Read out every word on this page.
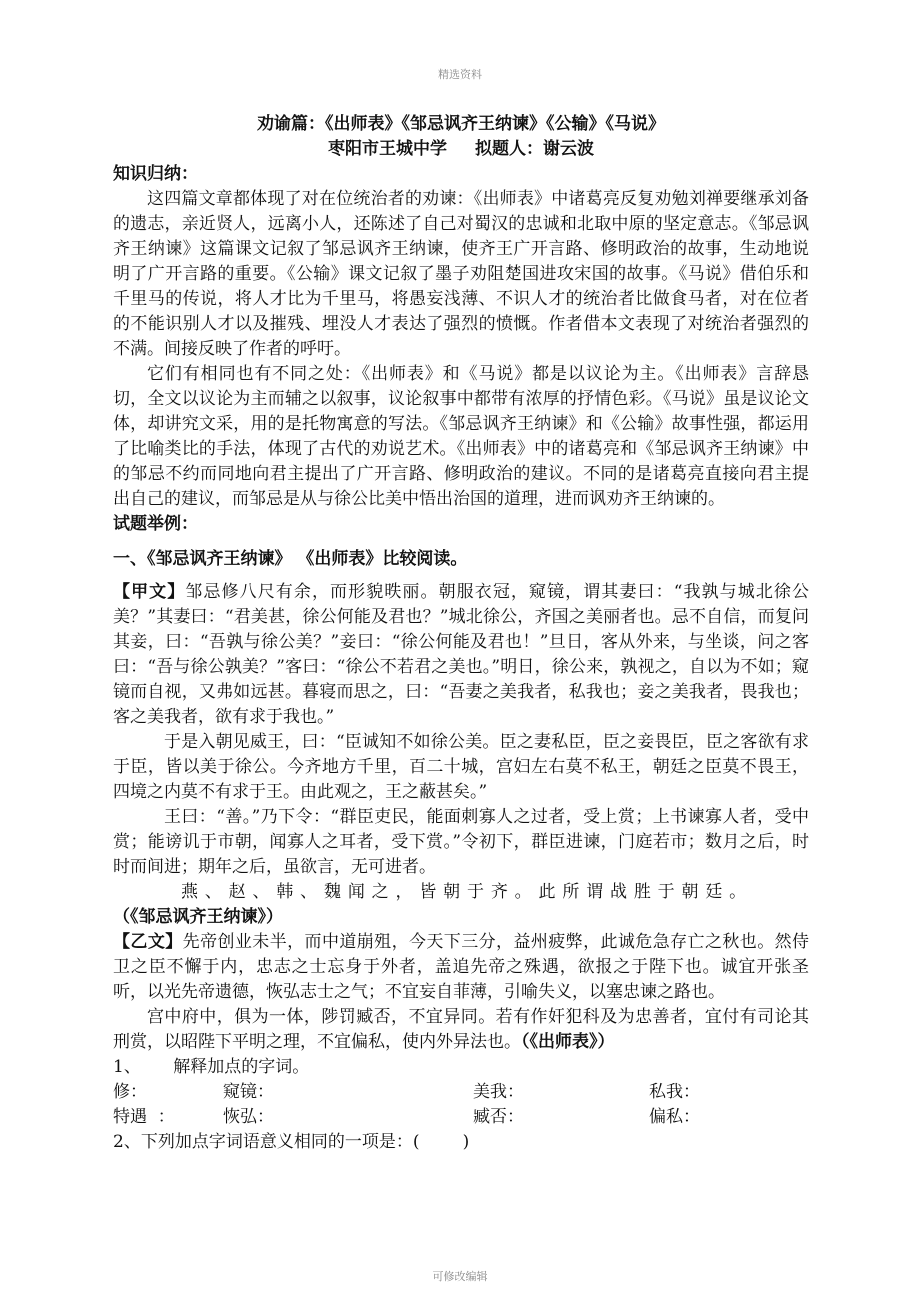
精选资料

劝谕篇：《出师表》《邹忌讽齐王纳谏》《公输》《马说》

枣阳市王城中学 拟题人：谢云波

知识归纳：

这四篇文章都体现了对在位统治者的劝谏：《出师表》中诸葛亮反复劝勉刘禅要继承刘备的遗志，亲近贤人，远离小人，还陈述了自己对蜀汉的忠诚和北取中原的坚定意志。《邹忌讽齐王纳谏》这篇课文记叙了邹忌讽齐王纳谏，使齐王广开言路、修明政治的故事，生动地说明了广开言路的重要。《公输》课文记叙了墨子劝阻楚国进攻宋国的故事。《马说》借伯乐和千里马的传说，将人才比为千里马，将愚妄浅薄、不识人才的统治者比做食马者，对在位者的不能识别人才以及摧残、埋没人才表达了强烈的愤慨。作者借本文表现了对统治者强烈的不满。间接反映了作者的呼吁。

它们有相同也有不同之处：《出师表》和《马说》都是以议论为主。《出师表》言辞恳切，全文以议论为主而辅之以叙事，议论叙事中都带有浓厚的抒情色彩。《马说》虽是议论文体，却讲究文采，用的是托物寓意的写法。《邹忌讽齐王纳谏》和《公输》故事性强，都运用了比喻类比的手法，体现了古代的劝说艺术。《出师表》中的诸葛亮和《邹忌讽齐王纳谏》中的邹忌不约而同地向君主提出了广开言路、修明政治的建议。不同的是诸葛亮直接向君主提出自己的建议，而邹忌是从与徐公比美中悟出治国的道理，进而讽劝齐王纳谏的。

试题举例：

一、《邹忌讽齐王纳谏》 《出师表》比较阅读。

【甲文】邹忌修八尺有余，而形貌昳丽。朝服衣冠，窥镜，谓其妻曰：“我孰与城北徐公美？”其妻曰：“君美甚，徐公何能及君也？”城北徐公，齐国之美丽者也。忌不自信，而复问其妾，曰：“吾孰与徐公美？”妾曰：“徐公何能及君也！”旦日，客从外来，与坐谈，问之客曰：“吾与徐公孰美？”客曰：“徐公不若君之美也。”明日，徐公来，孰视之，自以为不如；窥镜而自视，又弗如远甚。暮寝而思之，曰：“吾妻之美我者，私我也；妾之美我者，畏我也；客之美我者，欲有求于我也。”

于是入朝见威王，曰：“臣诚知不如徐公美。臣之妻私臣，臣之妾畏臣，臣之客欲有求于臣，皆以美于徐公。今齐地方千里，百二十城，宫妇左右莫不私王，朝廷之臣莫不畏王，四境之内莫不有求于王。由此观之，王之蔽甚矣。”

王曰：“善。”乃下令：“群臣吏民，能面刺寡人之过者，受上赏；上书谏寡人者，受中赏；能谤讥于市朝，闻寡人之耳者，受下赏。”令初下，群臣进谏，门庭若市；数月之后，时时而间进；期年之后，虽欲言，无可进者。

燕、赵、韩、魏闻之，皆朝于齐。此所谓战胜于朝廷。（《邹忌讽齐王纳谏》）

【乙文】先帝创业未半，而中道崩殂，今天下三分，益州疲弊，此诚危急存亡之秋也。然侍卫之臣不懈于内，忠志之士忘身于外者，盖追先帝之殊遇，欲报之于陛下也。诚宜开张圣听，以光先帝遗德，恢弘志士之气；不宜妄自菲薄，引喻失义，以塞忠谏之路也。

宫中府中，俱为一体，陟罚臧否，不宜异同。若有作奸犯科及为忠善者，宜付有司论其刑赏，以昭陛下平明之理，不宜偏私，使内外异法也。（《出师表》）

1、      解释加点的字词。

修：	窥镜：	美我：	私我：
特遇  ：	恢弘：	臧否：	偏私：

2、下列加点字词语意义相同的一项是：(        )

可修改编辑
